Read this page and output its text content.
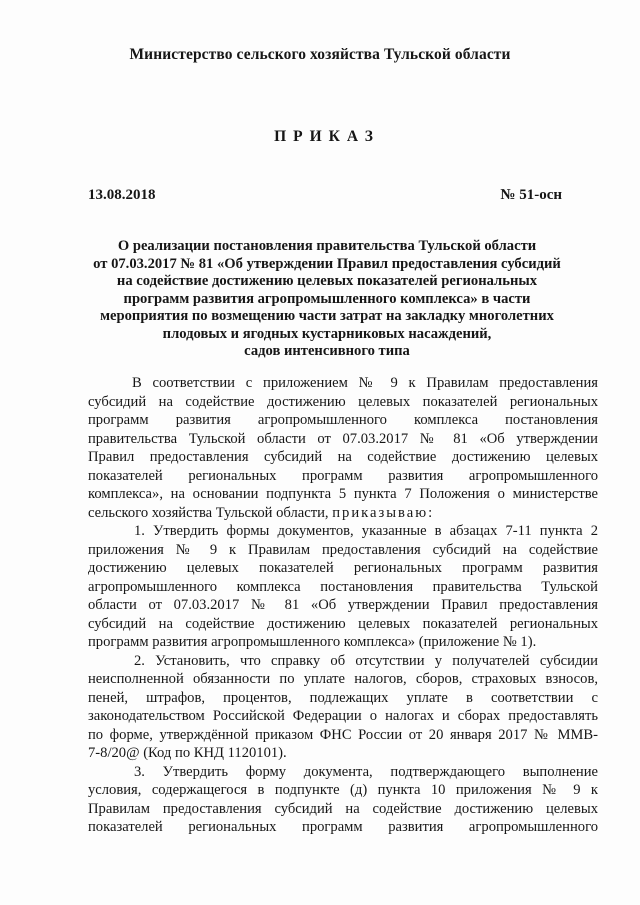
Министерство сельского хозяйства Тульской области
ПРИКАЗ
13.08.2018	№ 51-осн
О реализации постановления правительства Тульской области
от 07.03.2017 № 81 «Об утверждении Правил предоставления субсидий
на содействие достижению целевых показателей региональных
программ развития агропромышленного комплекса» в части
мероприятия по возмещению части затрат на закладку многолетних
плодовых и ягодных кустарниковых насаждений,
садов интенсивного типа
В соответствии с приложением № 9 к Правилам предоставления
субсидий на содействие достижению целевых показателей региональных
программ развития агропромышленного комплекса постановления
правительства Тульской области от 07.03.2017 № 81 «Об утверждении
Правил предоставления субсидий на содействие достижению целевых
показателей региональных программ развития агропромышленного
комплекса», на основании подпункта 5 пункта 7 Положения о министерстве
сельского хозяйства Тульской области, приказываю:

1. Утвердить формы документов, указанные в абзацах 7-11 пункта 2
приложения № 9 к Правилам предоставления субсидий на содействие
достижению целевых показателей региональных программ развития
агропромышленного комплекса постановления правительства Тульской
области от 07.03.2017 № 81 «Об утверждении Правил предоставления
субсидий на содействие достижению целевых показателей региональных
программ развития агропромышленного комплекса» (приложение № 1).

2. Установить, что справку об отсутствии у получателей субсидии
неисполненной обязанности по уплате налогов, сборов, страховых взносов,
пеней, штрафов, процентов, подлежащих уплате в соответствии с
законодательством Российской Федерации о налогах и сборах предоставлять
по форме, утверждённой приказом ФНС России от 20 января 2017 № ММВ-
7-8/20@ (Код по КНД 1120101).

3. Утвердить форму документа, подтверждающего выполнение
условия, содержащегося в подпункте (д) пункта 10 приложения № 9 к
Правилам предоставления субсидий на содействие достижению целевых
показателей региональных программ развития агропромышленного
